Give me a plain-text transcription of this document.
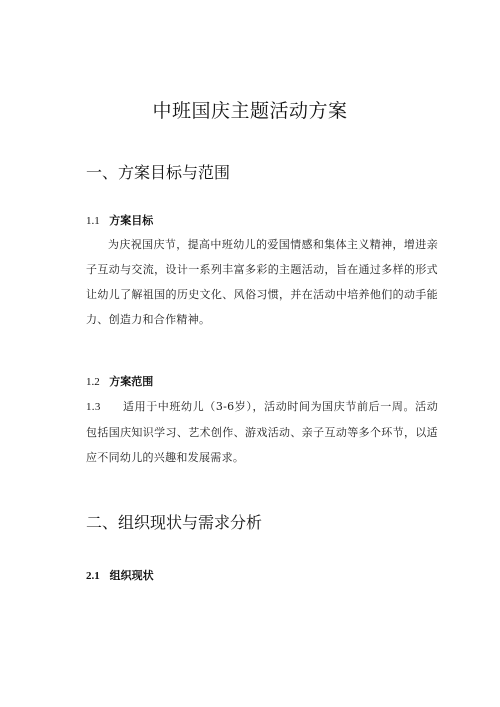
中班国庆主题活动方案
一、方案目标与范围
1.1 方案目标
为庆祝国庆节，提高中班幼儿的爱国情感和集体主义精神，增进亲子互动与交流，设计一系列丰富多彩的主题活动，旨在通过多样的形式让幼儿了解祖国的历史文化、风俗习惯，并在活动中培养他们的动手能力、创造力和合作精神。
1.2 方案范围
1.3 适用于中班幼儿（3-6岁），活动时间为国庆节前后一周。活动包括国庆知识学习、艺术创作、游戏活动、亲子互动等多个环节，以适应不同幼儿的兴趣和发展需求。
二、组织现状与需求分析
2.1 组织现状
